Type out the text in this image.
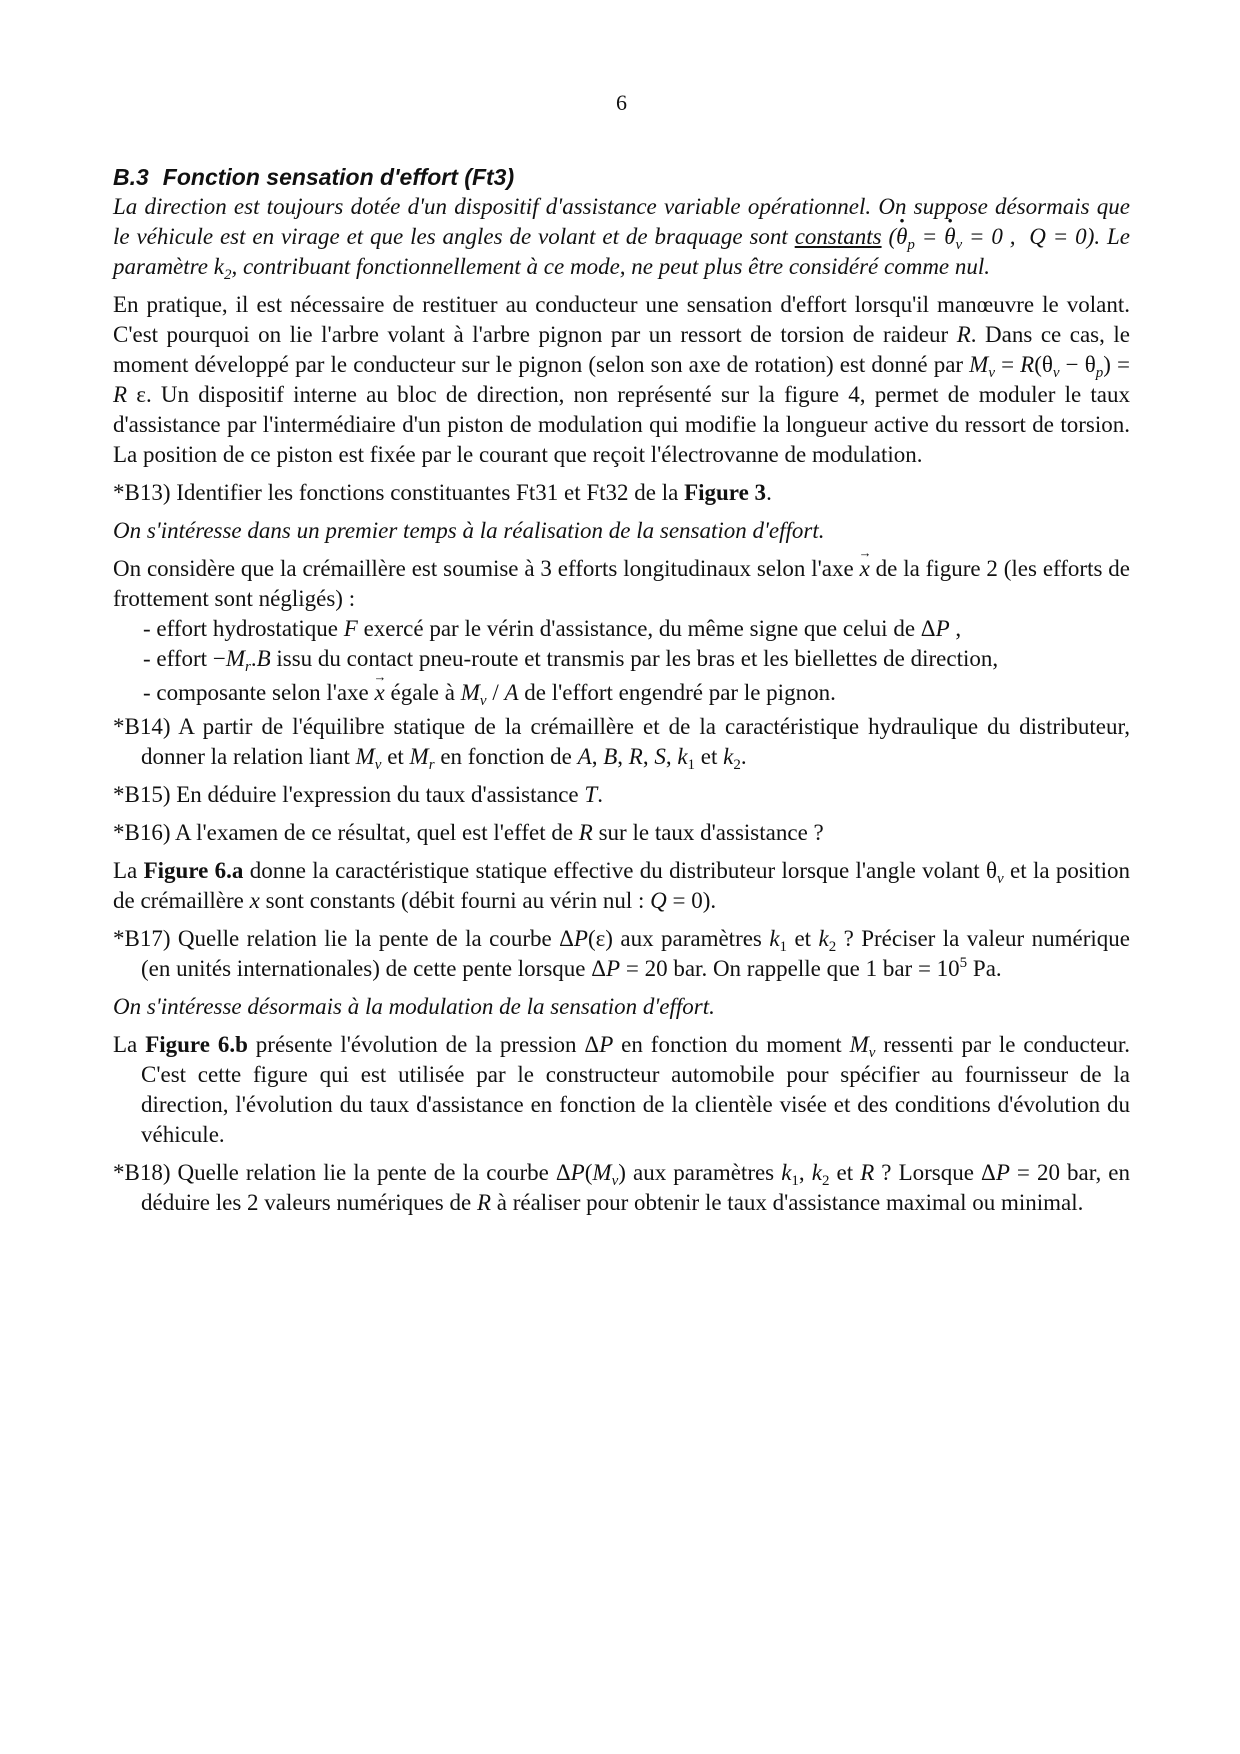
6
B.3 Fonction sensation d'effort (Ft3)

La direction est toujours dotée d'un dispositif d'assistance variable opérationnel. On suppose désormais que le véhicule est en virage et que les angles de volant et de braquage sont constants (· $\theta_p$ = · $\theta_v = 0$ ,  Q = 0). Le paramètre $k_2$, contribuant fonctionnellement à ce mode, ne peut plus être considéré comme nul.

En pratique, il est nécessaire de restituer au conducteur une sensation d'effort lorsqu'il manœuvre le volant. C'est pourquoi on lie l'arbre volant à l'arbre pignon par un ressort de torsion de raideur R. Dans ce cas, le moment développé par le conducteur sur le pignon (selon son axe de rotation) est donné par $M_v = R(\theta_v - \theta_p) = R$ ε. Un dispositif interne au bloc de direction, non représenté sur la figure 4, permet de moduler le taux d'assistance par l'intermédiaire d'un piston de modulation qui modifie la longueur active du ressort de torsion. La position de ce piston est fixée par le courant que reçoit l'électrovanne de modulation.

*B13) Identifier les fonctions constituantes Ft31 et Ft32 de la Figure 3.

On s'intéresse dans un premier temps à la réalisation de la sensation d'effort.

On considère que la crémaillère est soumise à 3 efforts longitudinaux selon l'axe → x de la figure 2 (les efforts de frottement sont négligés) :

- effort hydrostatique F exercé par le vérin d'assistance, du même signe que celui de ΔP ,
- effort $-M_r.B$ issu du contact pneu-route et transmis par les bras et les biellettes de direction,
- composante selon l'axe → x égale à $M_v$ / A de l'effort engendré par le pignon.

*B14) A partir de l'équilibre statique de la crémaillère et de la caractéristique hydraulique du distributeur, donner la relation liant $M_v$ et $M_r$ en fonction de A, B, R, S, $k_1$ et $k_2$.

*B15) En déduire l'expression du taux d'assistance T.

*B16) A l'examen de ce résultat, quel est l'effet de R sur le taux d'assistance ?

La Figure 6.a donne la caractéristique statique effective du distributeur lorsque l'angle volant $\theta_v$ et la position de crémaillère x sont constants (débit fourni au vérin nul : Q = 0).

*B17) Quelle relation lie la pente de la courbe ΔP(ε) aux paramètres $k_1$ et $k_2$ ? Préciser la valeur numérique (en unités internationales) de cette pente lorsque ΔP = 20 bar. On rappelle que 1 bar = $10^5$ Pa.

On s'intéresse désormais à la modulation de la sensation d'effort.

La Figure 6.b présente l'évolution de la pression ΔP en fonction du moment $M_v$ ressenti par le conducteur. C'est cette figure qui est utilisée par le constructeur automobile pour spécifier au fournisseur de la direction, l'évolution du taux d'assistance en fonction de la clientèle visée et des conditions d'évolution du véhicule.

*B18) Quelle relation lie la pente de la courbe $\Delta P(M_v)$ aux paramètres $k_1$, $k_2$ et R ? Lorsque ΔP = 20 bar, en déduire les 2 valeurs numériques de R à réaliser pour obtenir le taux d'assistance maximal ou minimal.
